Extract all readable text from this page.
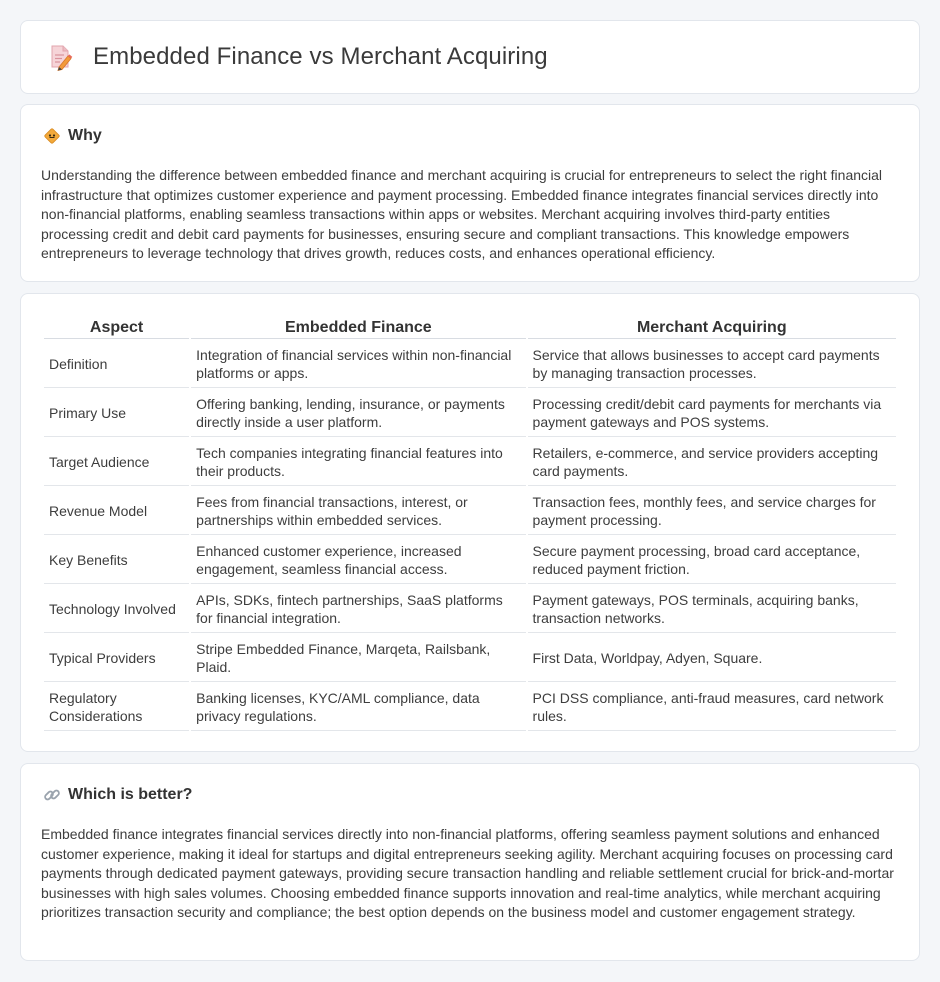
Embedded Finance vs Merchant Acquiring
Why

Understanding the difference between embedded finance and merchant acquiring is crucial for entrepreneurs to select the right financial infrastructure that optimizes customer experience and payment processing. Embedded finance integrates financial services directly into non-financial platforms, enabling seamless transactions within apps or websites. Merchant acquiring involves third-party entities processing credit and debit card payments for businesses, ensuring secure and compliant transactions. This knowledge empowers entrepreneurs to leverage technology that drives growth, reduces costs, and enhances operational efficiency.

Aspect	Embedded Finance	Merchant Acquiring
Definition	Integration of financial services within non-financial platforms or apps.	Service that allows businesses to accept card payments by managing transaction processes.
Primary Use	Offering banking, lending, insurance, or payments directly inside a user platform.	Processing credit/debit card payments for merchants via payment gateways and POS systems.
Target Audience	Tech companies integrating financial features into their products.	Retailers, e-commerce, and service providers accepting card payments.
Revenue Model	Fees from financial transactions, interest, or partnerships within embedded services.	Transaction fees, monthly fees, and service charges for payment processing.
Key Benefits	Enhanced customer experience, increased engagement, seamless financial access.	Secure payment processing, broad card acceptance, reduced payment friction.
Technology Involved	APIs, SDKs, fintech partnerships, SaaS platforms for financial integration.	Payment gateways, POS terminals, acquiring banks, transaction networks.
Typical Providers	Stripe Embedded Finance, Marqeta, Railsbank, Plaid.	First Data, Worldpay, Adyen, Square.
Regulatory Considerations	Banking licenses, KYC/AML compliance, data privacy regulations.	PCI DSS compliance, anti-fraud measures, card network rules.
Which is better?

Embedded finance integrates financial services directly into non-financial platforms, offering seamless payment solutions and enhanced customer experience, making it ideal for startups and digital entrepreneurs seeking agility. Merchant acquiring focuses on processing card payments through dedicated payment gateways, providing secure transaction handling and reliable settlement crucial for brick-and-mortar businesses with high sales volumes. Choosing embedded finance supports innovation and real-time analytics, while merchant acquiring prioritizes transaction security and compliance; the best option depends on the business model and customer engagement strategy.
